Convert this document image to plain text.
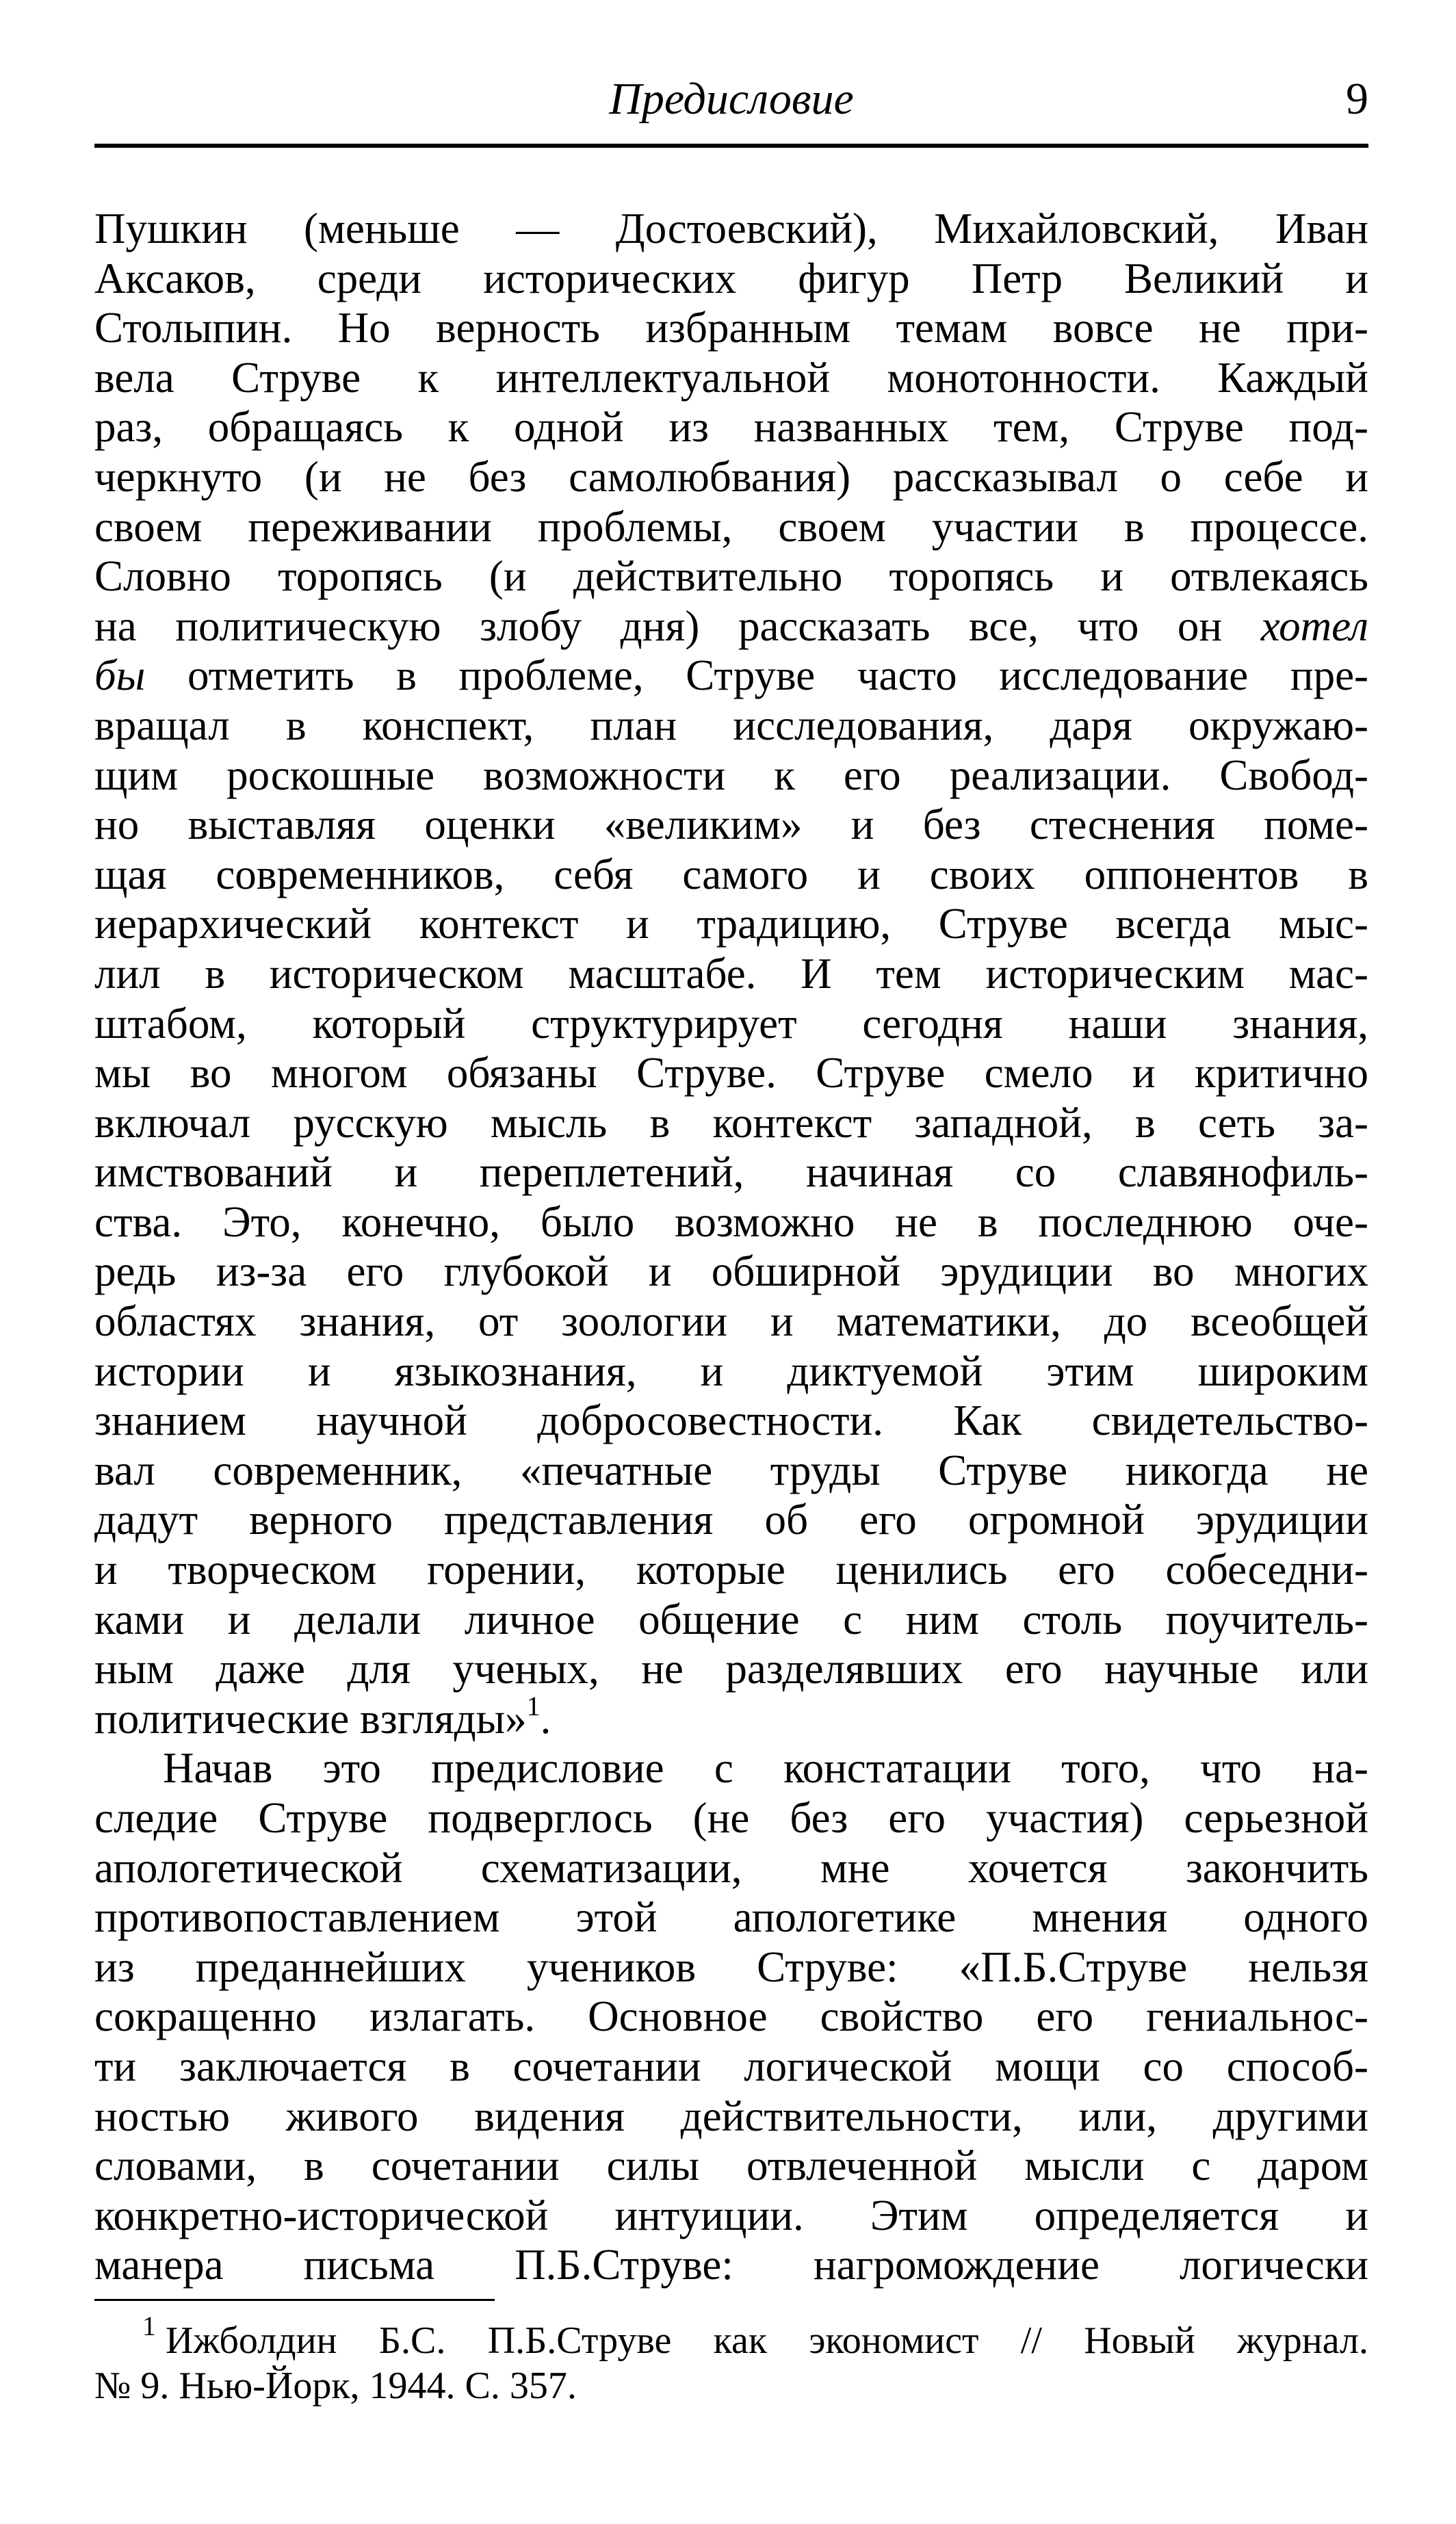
Предисловие	9
Пушкин (меньше — Достоевский), Михайловский, Иван
Аксаков, среди исторических фигур Петр Великий и
Столыпин. Но верность избранным темам вовсе не при-
вела Струве к интеллектуальной монотонности. Каждый
раз, обращаясь к одной из названных тем, Струве под-
черкнуто (и не без самолюбвания) рассказывал о себе и
своем переживании проблемы, своем участии в процессе.
Словно торопясь (и действительно торопясь и отвлекаясь
на политическую злобу дня) рассказать все, что он хотел
бы отметить в проблеме, Струве часто исследование пре-
вращал в конспект, план исследования, даря окружаю-
щим роскошные возможности к его реализации. Свобод-
но выставляя оценки «великим» и без стеснения поме-
щая современников, себя самого и своих оппонентов в
иерархический контекст и традицию, Струве всегда мыс-
лил в историческом масштабе. И тем историческим мас-
штабом, который структурирует сегодня наши знания,
мы во многом обязаны Струве. Струве смело и критично
включал русскую мысль в контекст западной, в сеть за-
имствований и переплетений, начиная со славянофиль-
ства. Это, конечно, было возможно не в последнюю оче-
редь из-за его глубокой и обширной эрудиции во многих
областях знания, от зоологии и математики, до всеобщей
истории и языкознания, и диктуемой этим широким
знанием научной добросовестности. Как свидетельство-
вал современник, «печатные труды Струве никогда не
дадут верного представления об его огромной эрудиции
и творческом горении, которые ценились его собеседни-
ками и делали личное общение с ним столь поучитель-
ным даже для ученых, не разделявших его научные или
политические взгляды»$^1$.
Начав это предисловие с констатации того, что на-
следие Струве подверглось (не без его участия) серьезной
апологетической схематизации, мне хочется закончить
противопоставлением этой апологетике мнения одного
из преданнейших учеников Струве: «П.Б.Струве нельзя
сокращенно излагать. Основное свойство его гениальнос-
ти заключается в сочетании логической мощи со способ-
ностью живого видения действительности, или, другими
словами, в сочетании силы отвлеченной мысли с даром
конкретно-исторической интуиции. Этим определяется и
манера письма П.Б.Струве: нагромождение логически
$^1$ Ижболдин Б.С. П.Б.Струве как экономист // Новый журнал.
№ 9. Нью-Йорк, 1944. С. 357.
